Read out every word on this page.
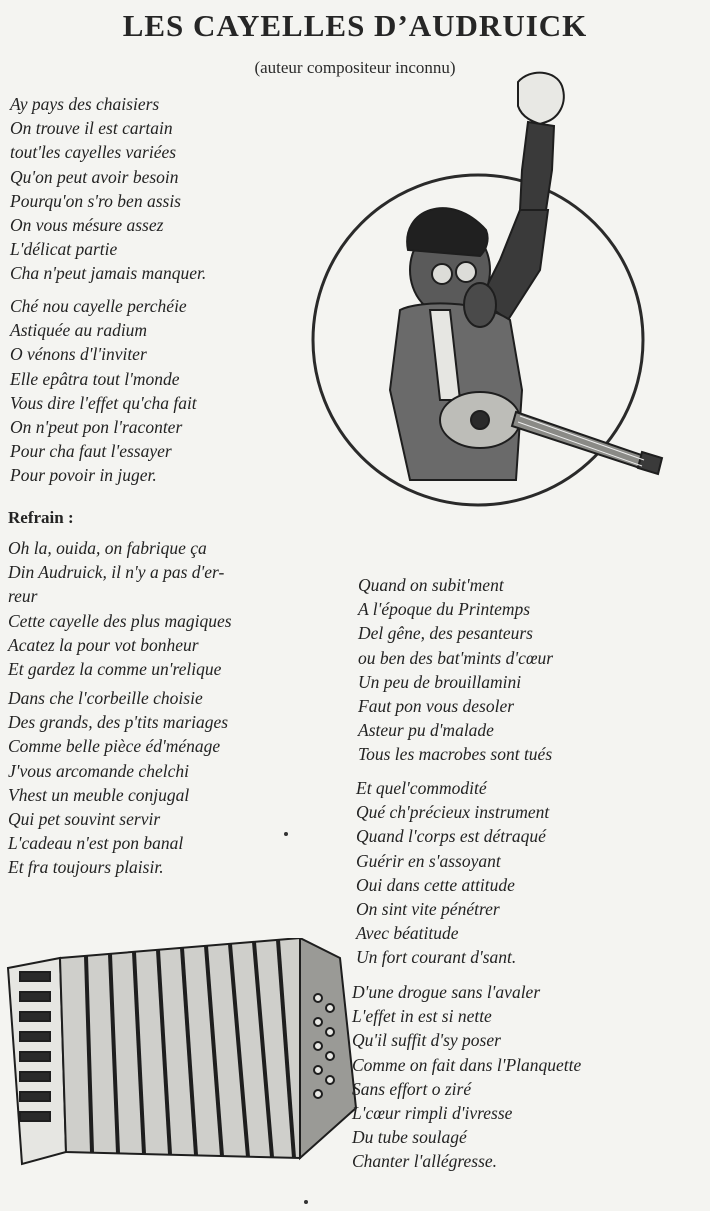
LES CAYELLES D’AUDRUICK
(auteur compositeur inconnu)
Ay pays des chaisiers
On trouve il est cartain
tout'les cayelles variées
Qu'on peut avoir besoin
Pourqu'on s'ro ben assis
On vous mésure assez
L'délicat partie
Cha n'peut jamais manquer.
Ché nou cayelle perchéie
Astiquée au radium
O vénons d'l'inviter
Elle epâtra tout l'monde
Vous dire l'effet qu'cha fait
On n'peut pon l'raconter
Pour cha faut l'essayer
Pour povoir in juger.
Refrain :
Oh la, ouida, on fabrique ça
Din Audruick, il n'y a pas d'er-
reur
Cette cayelle des plus magiques
Acatez la pour vot bonheur
Et gardez la comme un'relique
Dans che l'corbeille choisie
Des grands, des p'tits mariages
Comme belle pièce éd'ménage
J'vous arcomande chelchi
Vhest un meuble conjugal
Qui pet souvint servir
L'cadeau n'est pon banal
Et fra toujours plaisir.
Quand on subit'ment
A l'époque du Printemps
Del gêne, des pesanteurs
ou ben des bat'mints d'cœur
Un peu de brouillamini
Faut pon vous desoler
Asteur pu d'malade
Tous les macrobes sont tués
Et quel'commodité
Qué ch'précieux instrument
Quand l'corps est détraqué
Guérir en s'assoyant
Oui dans cette attitude
On sint vite pénétrer
Avec béatitude
Un fort courant d'sant.
D'une drogue sans l'avaler
L'effet in est si nette
Qu'il suffit d'sy poser
Comme on fait dans l'Planquette
Sans effort o ziré
L'cœur rimpli d'ivresse
Du tube soulagé
Chanter l'allégresse.
